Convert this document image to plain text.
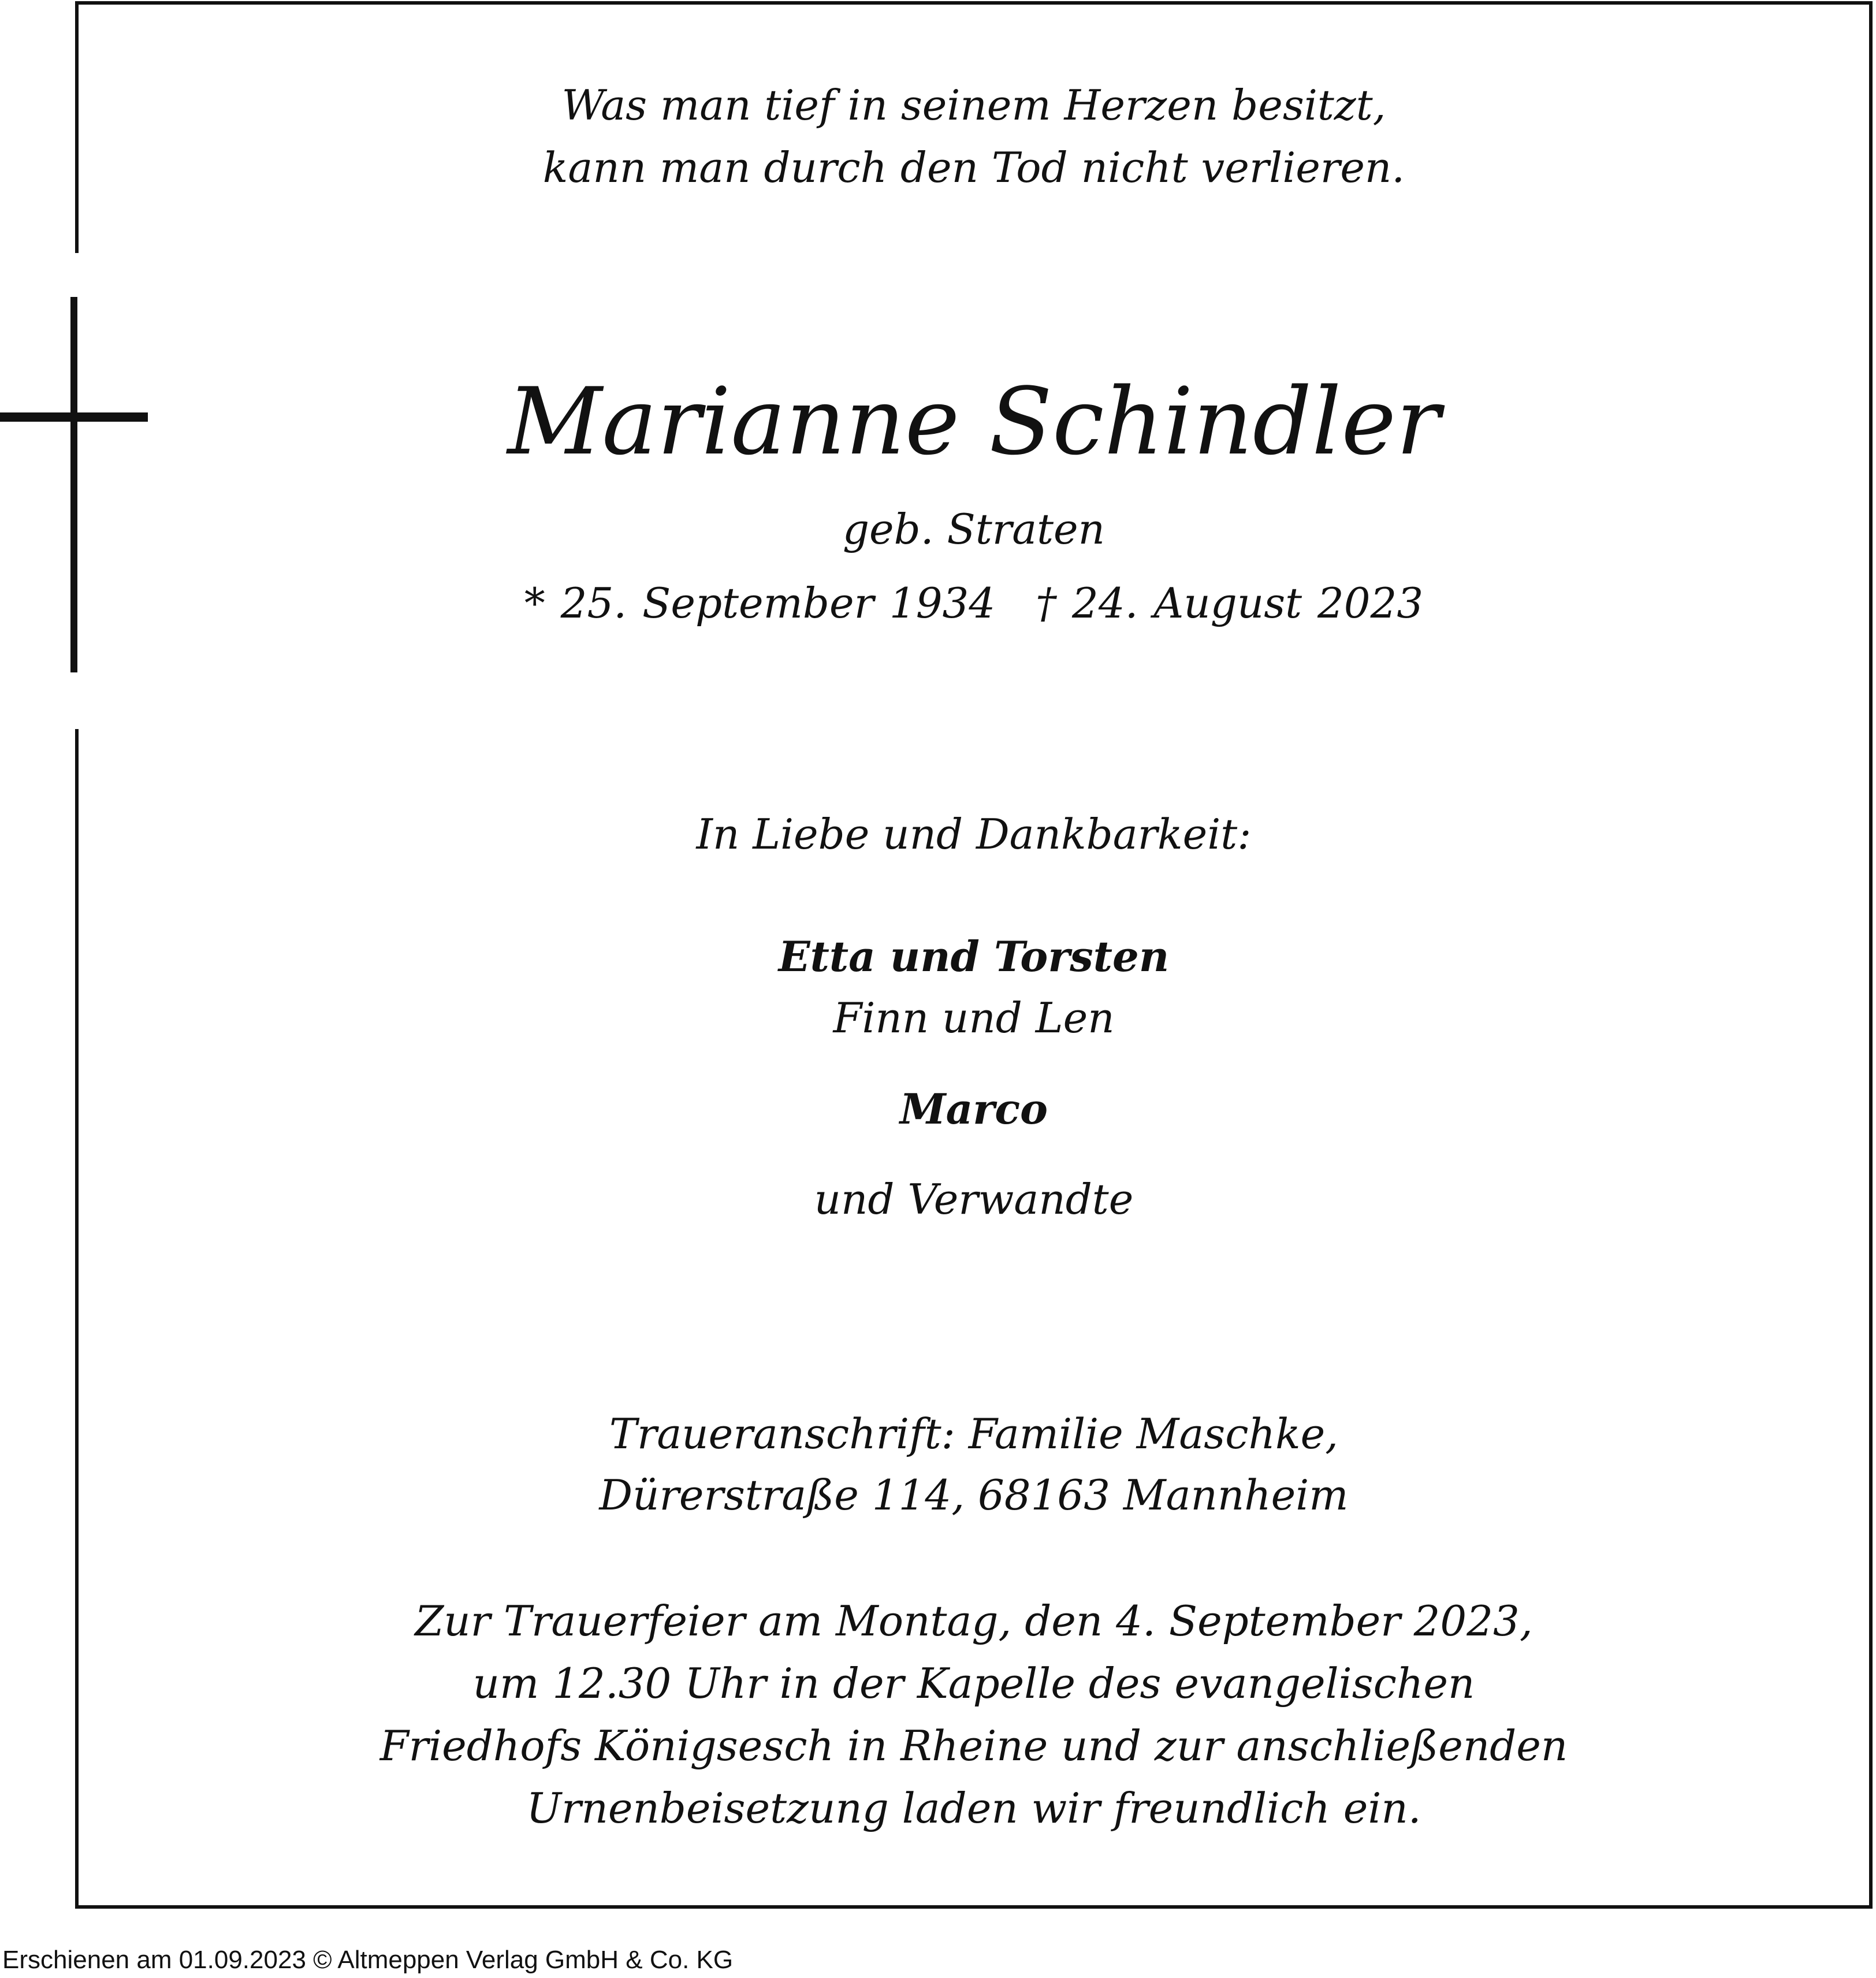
Was man tief in seinem Herzen besitzt,
kann man durch den Tod nicht verlieren.
Marianne Schindler
geb. Straten
* 25. September 1934 † 24. August 2023
In Liebe und Dankbarkeit:
Etta und Torsten
Finn und Len
Marco
und Verwandte
Traueranschrift: Familie Maschke,
Dürerstraße 114, 68163 Mannheim
Zur Trauerfeier am Montag, den 4. September 2023,
um 12.30 Uhr in der Kapelle des evangelischen
Friedhofs Königsesch in Rheine und zur anschließenden
Urnenbeisetzung laden wir freundlich ein.
Erschienen am 01.09.2023 © Altmeppen Verlag GmbH & Co. KG
